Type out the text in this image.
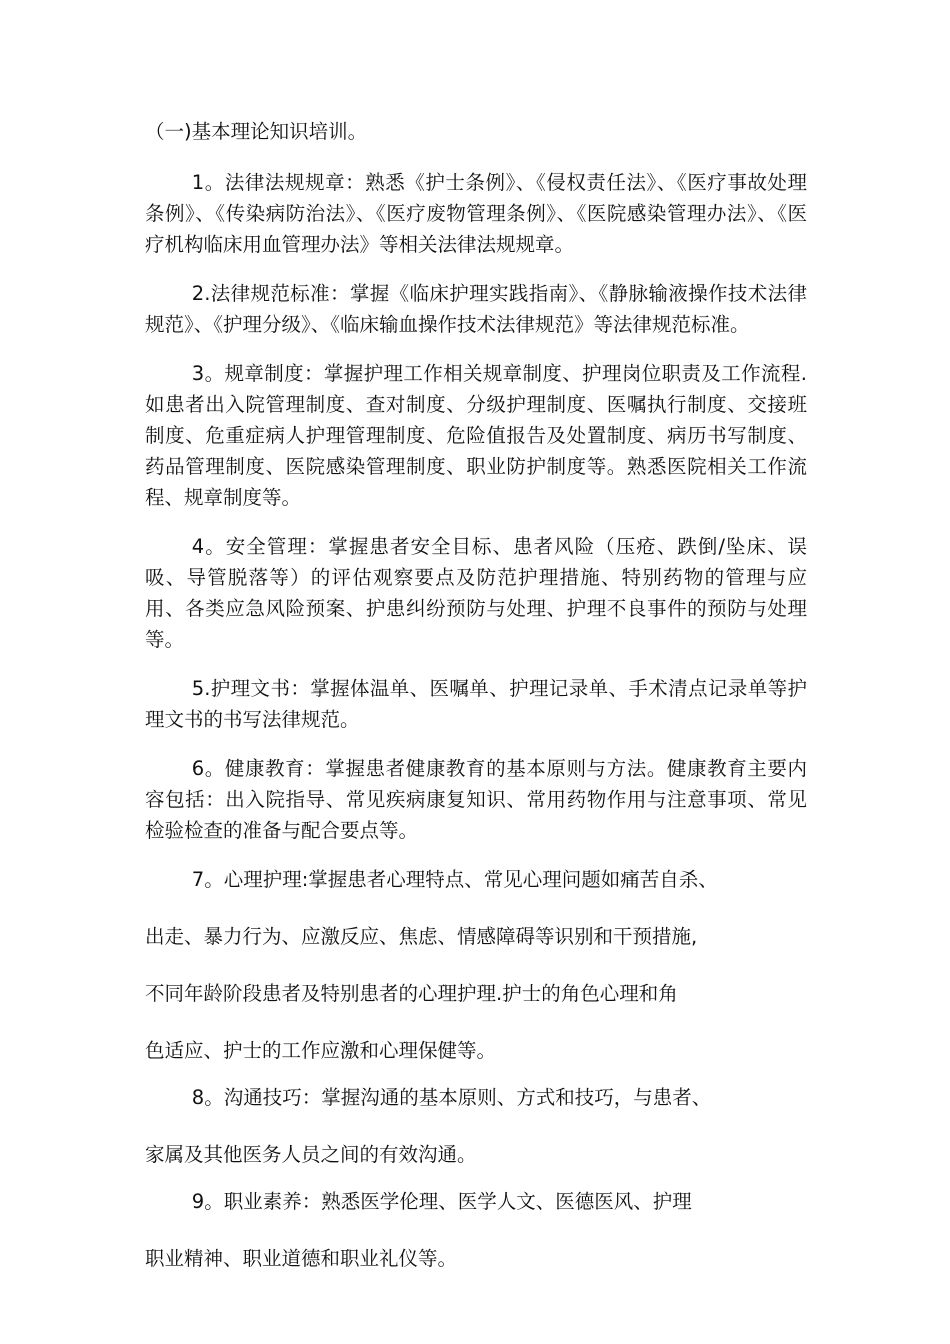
（一)基本理论知识培训。

1。法律法规规章：熟悉《护士条例》、《侵权责任法》、《医疗事故处理条例》、《传染病防治法》、《医疗废物管理条例》、《医院感染管理办法》、《医疗机构临床用血管理办法》等相关法律法规规章。

2.法律规范标准：掌握《临床护理实践指南》、《静脉输液操作技术法律规范》、《护理分级》、《临床输血操作技术法律规范》等法律规范标准。

3。规章制度：掌握护理工作相关规章制度、护理岗位职责及工作流程.如患者出入院管理制度、查对制度、分级护理制度、医嘱执行制度、交接班制度、危重症病人护理管理制度、危险值报告及处置制度、病历书写制度、药品管理制度、医院感染管理制度、职业防护制度等。熟悉医院相关工作流程、规章制度等。

4。安全管理：掌握患者安全目标、患者风险（压疮、跌倒/坠床、误吸、导管脱落等）的评估观察要点及防范护理措施、特别药物的管理与应用、各类应急风险预案、护患纠纷预防与处理、护理不良事件的预防与处理等。

5.护理文书：掌握体温单、医嘱单、护理记录单、手术清点记录单等护理文书的书写法律规范。

6。健康教育：掌握患者健康教育的基本原则与方法。健康教育主要内容包括：出入院指导、常见疾病康复知识、常用药物作用与注意事项、常见检验检查的准备与配合要点等。

7。心理护理:掌握患者心理特点、常见心理问题如痛苦自杀、

出走、暴力行为、应激反应、焦虑、情感障碍等识别和干预措施,

不同年龄阶段患者及特别患者的心理护理.护士的角色心理和角

色适应、护士的工作应激和心理保健等。

8。沟通技巧：掌握沟通的基本原则、方式和技巧，与患者、

家属及其他医务人员之间的有效沟通。

9。职业素养：熟悉医学伦理、医学人文、医德医风、护理

职业精神、职业道德和职业礼仪等。
